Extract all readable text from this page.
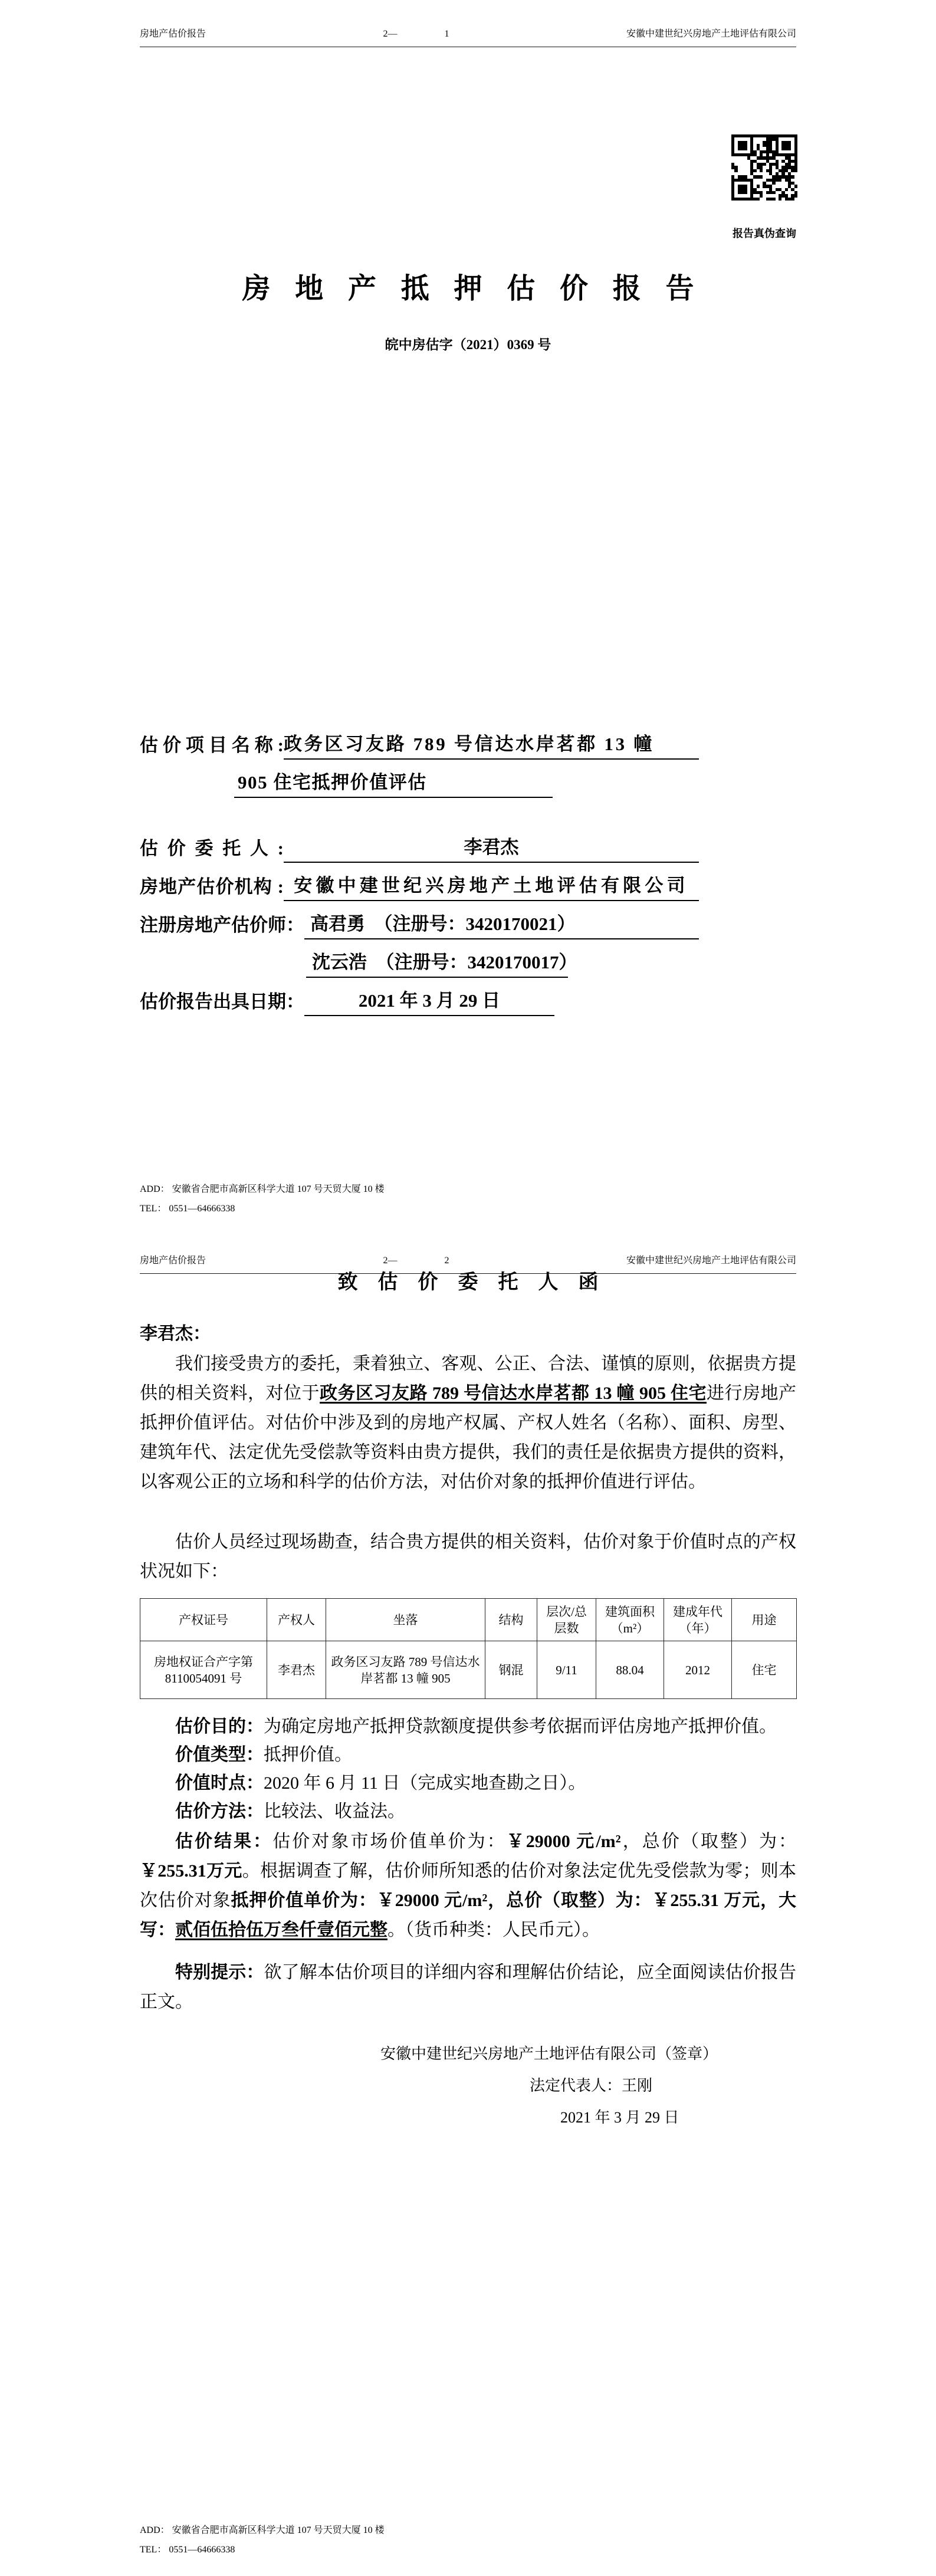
房地产估价报告	2—	1	安徽中建世纪兴房地产土地评估有限公司
报告真伪查询
房 地 产 抵 押 估 价 报 告
皖中房估字（2021）0369 号
估 价 项 目 名 称 : 政务区习友路 789 号信达水岸茗都 13 幢
905 住宅抵押价值评估
估 价 委 托 人 :	李君杰
房地产估价机构 : 安徽中建世纪兴房地产土地评估有限公司
注册房地产估价师： 高君勇　（注册号：3420170021）
沈云浩　（注册号：3420170017）
估价报告出具日期：	2021 年 3 月 29 日
ADD： 安徽省合肥市高新区科学大道 107 号天贸大厦 10 楼
TEL： 0551—64666338
房地产估价报告	2—	2	安徽中建世纪兴房地产土地评估有限公司
致　估　价　委　托　人　函
李君杰：

我们接受贵方的委托，秉着独立、客观、公正、合法、谨慎的原则，依据贵方提供的相关资料，对位于政务区习友路 789 号信达水岸茗都 13 幢 905 住宅进行房地产抵押价值评估。对估价中涉及到的房地产权属、产权人姓名（名称）、面积、房型、建筑年代、法定优先受偿款等资料由贵方提供，我们的责任是依据贵方提供的资料，以客观公正的立场和科学的估价方法，对估价对象的抵押价值进行评估。

估价人员经过现场勘查，结合贵方提供的相关资料，估价对象于价值时点的产权状况如下：

产权证号	产权人	坐落	结构	层次/总层数	建筑面积（m²）	建成年代（年）	用途
房地权证合产字第8110054091 号	李君杰	政务区习友路 789 号信达水岸茗都 13 幢 905	钢混	9/11	88.04	2012	住宅

估价目的：为确定房地产抵押贷款额度提供参考依据而评估房地产抵押价值。

价值类型：抵押价值。

价值时点：2020 年 6 月 11 日（完成实地查勘之日）。

估价方法：比较法、收益法。

估价结果：估价对象市场价值单价为：￥29000 元/m²，总价（取整）为：￥255.31万元。根据调查了解，估价师所知悉的估价对象法定优先受偿款为零；则本次估价对象抵押价值单价为：￥29000 元/m²，总价（取整）为：￥255.31 万元，大写：贰佰伍拾伍万叁仟壹佰元整。（货币种类：人民币元）。

特别提示：欲了解本估价项目的详细内容和理解估价结论，应全面阅读估价报告正文。

安徽中建世纪兴房地产土地评估有限公司（签章）
法定代表人：王刚
2021 年 3 月 29 日
ADD： 安徽省合肥市高新区科学大道 107 号天贸大厦 10 楼
TEL： 0551—64666338
